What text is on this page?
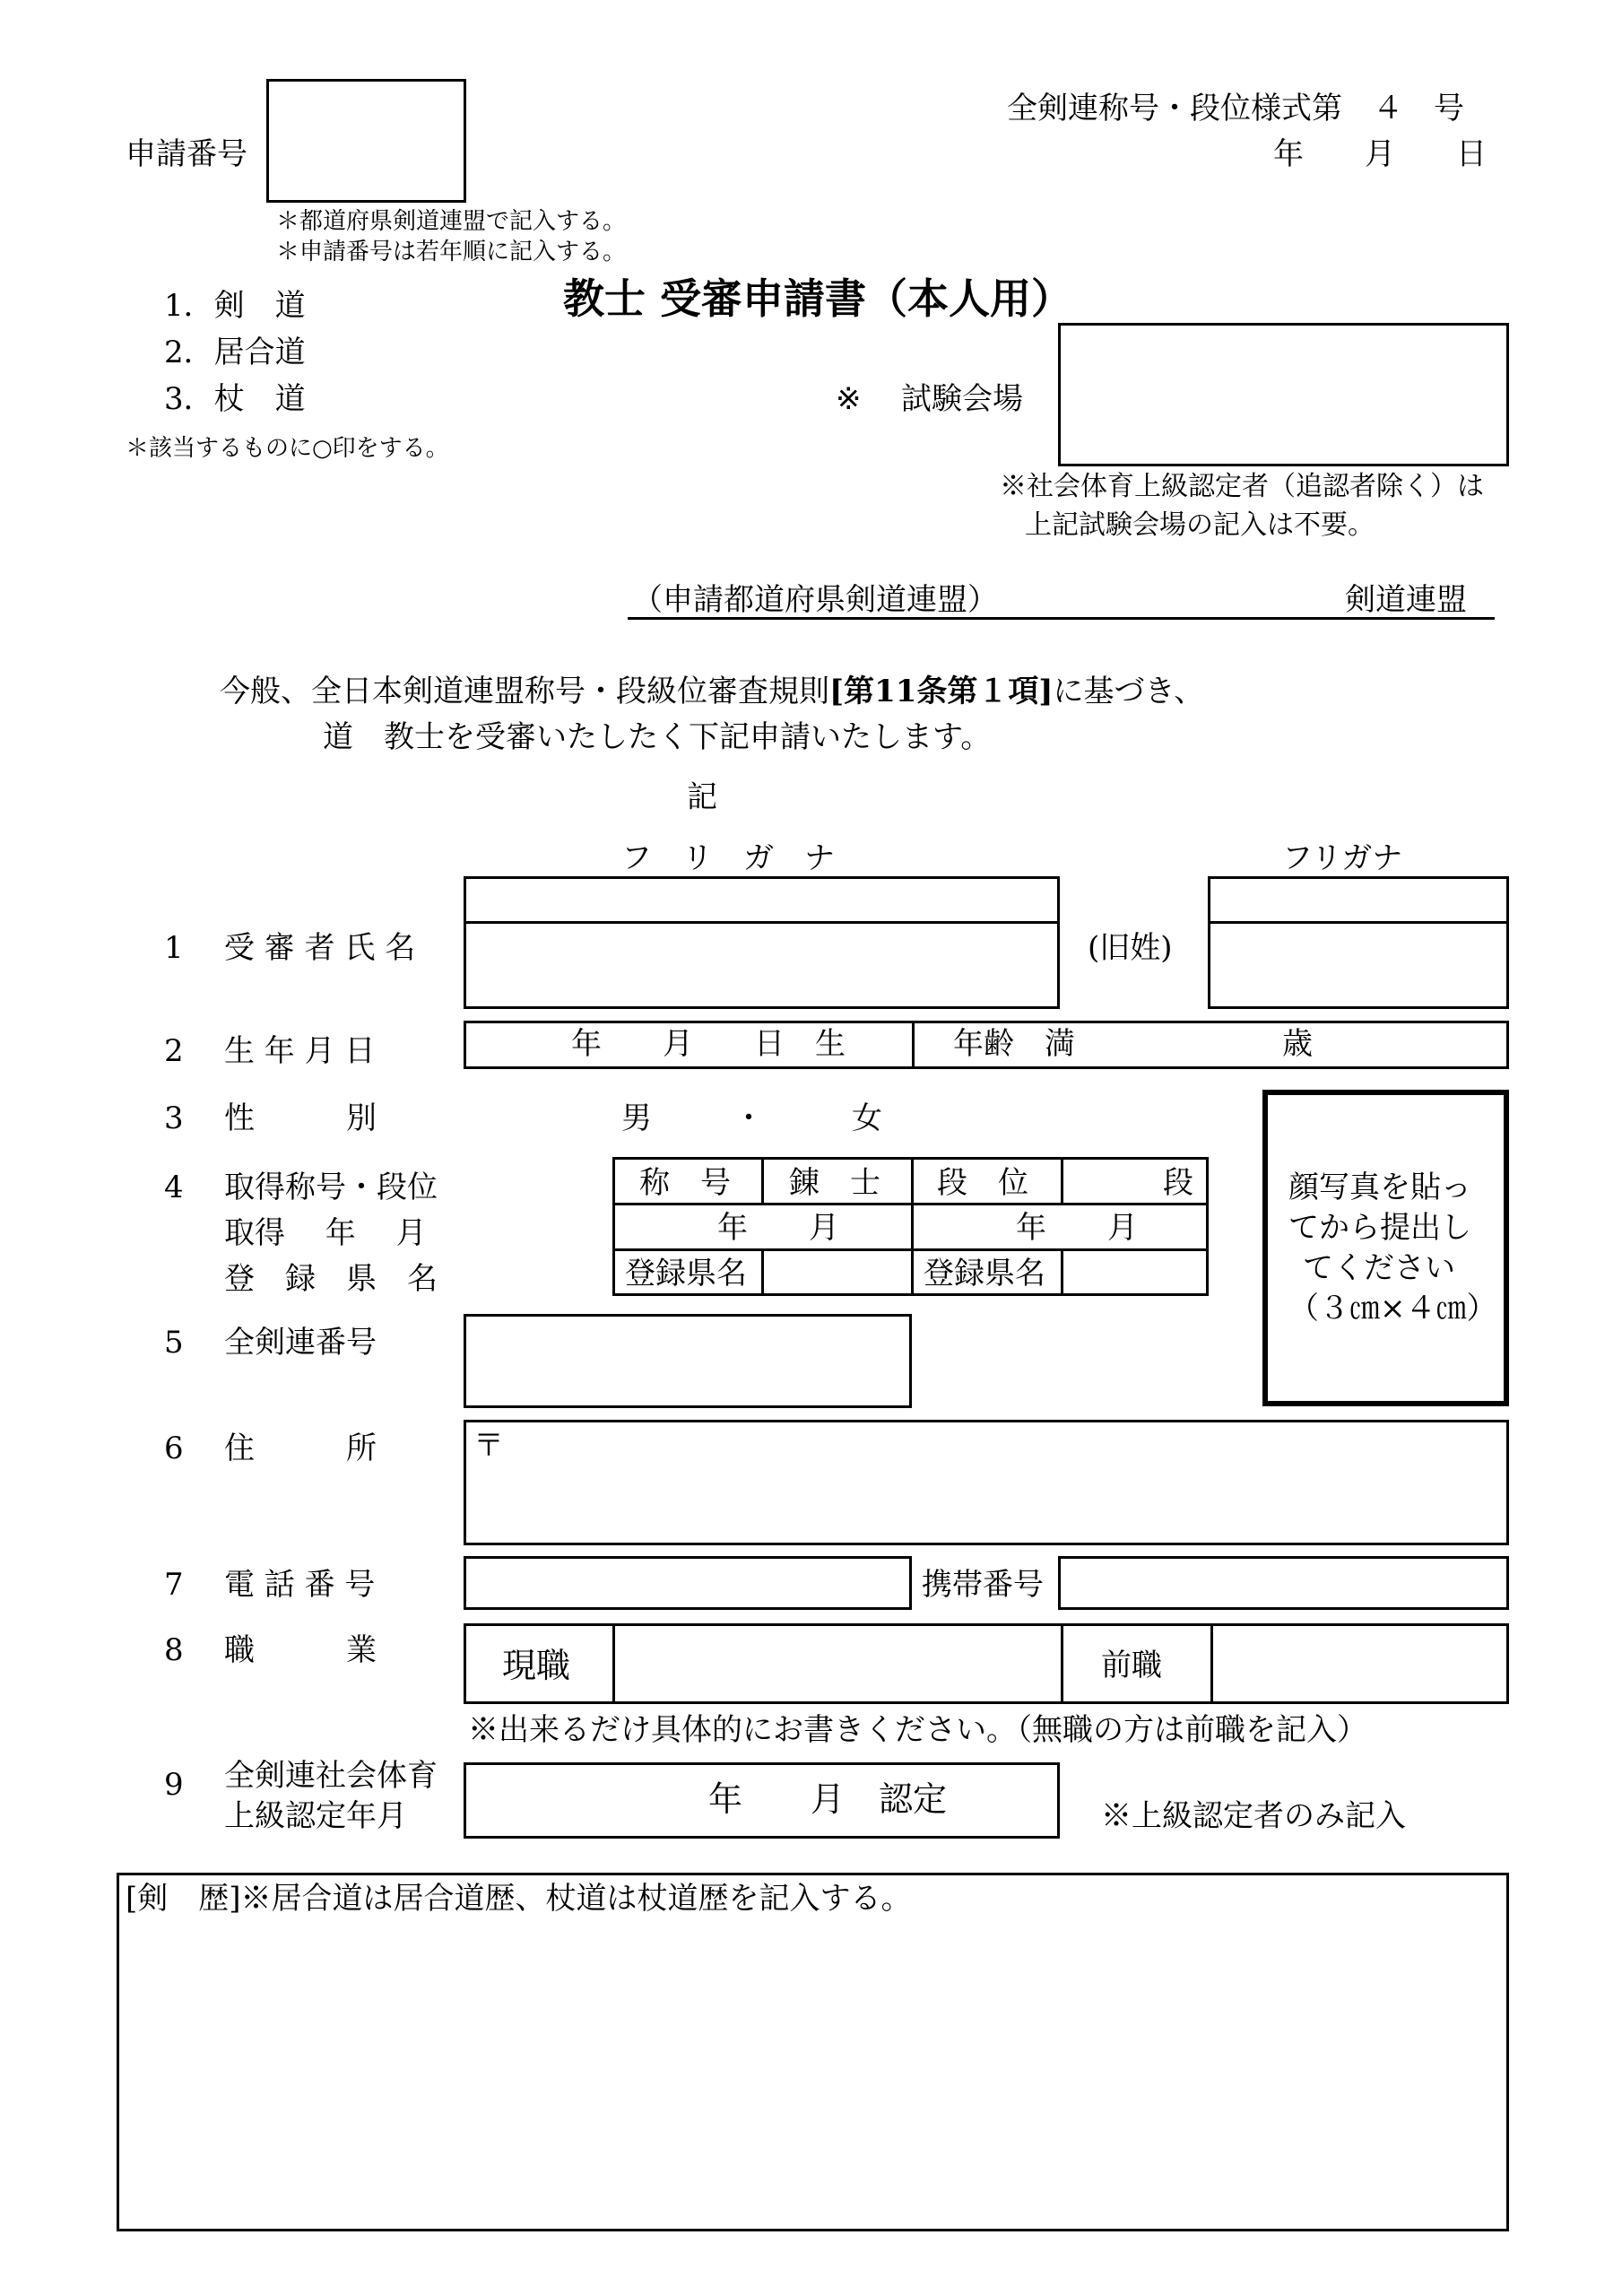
申請番号
＊都道府県剣道連盟で記入する。
＊申請番号は若年順に記入する。
全剣連称号・段位様式第　４　号
年　　月　　日
1．剣　道
2．居合道
3．杖　道
＊該当するものに○印をする。
教士 受審申請書（本人用）
※ 試験会場
※社会体育上級認定者（追認者除く）は
上記試験会場の記入は不要。
（申請都道府県剣道連盟）	剣道連盟
今般、全日本剣道連盟称号・段級位審査規則[第11条第１項]に基づき、
道　教士を受審いたしたく下記申請いたします。
記
フ　リ　ガ　ナ	フリガナ
1 受 審 者 氏 名	(旧姓)
2 生 年 月 日	年　　月　　日　生	年齢　満	歳
3 性　　　別	男	・	女
顔写真を貼っ
てから提出し
てください
（３㎝×４㎝）
4 取得称号・段位
取得　 年　 月
登　録　県　名
称　号 錬　士 段　位	段
年　　月	年　　月
登録県名	登録県名
5 全剣連番号
6 住　　　所	〒
7 電 話 番 号	携帯番号
8 職　　　業	現職	前職
※出来るだけ具体的にお書きください。（無職の方は前職を記入）
9 全剣連社会体育
上級認定年月	年　　月　認定	※上級認定者のみ記入
[剣　歴]※居合道は居合道歴、杖道は杖道歴を記入する。
